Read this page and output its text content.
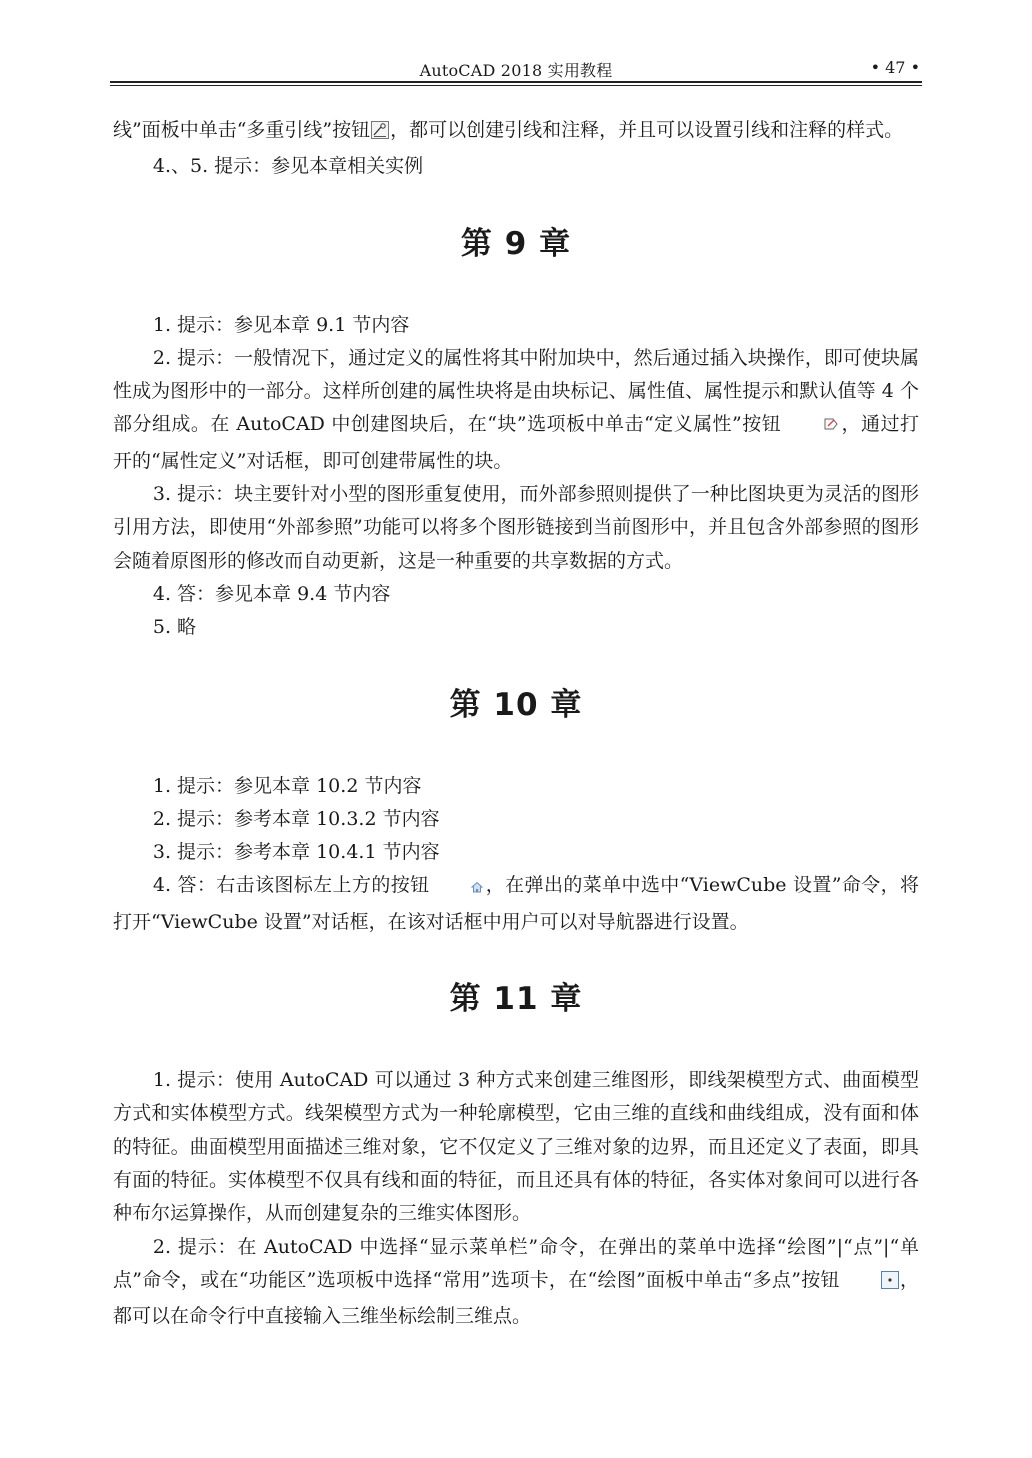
AutoCAD 2018 实用教程	• 47 •

线”面板中单击“多重引线”按钮 ，都可以创建引线和注释，并且可以设置引线和注释的样式。

4.、5. 提示：参见本章相关实例

第 9 章

1. 提示：参见本章 9.1 节内容

2. 提示：一般情况下，通过定义的属性将其中附加块中，然后通过插入块操作，即可使块属性成为图形中的一部分。这样所创建的属性块将是由块标记、属性值、属性提示和默认值等 4 个部分组成。在 AutoCAD 中创建图块后，在“块”选项板中单击“定义属性”按钮	，通过打开的“属性定义”对话框，即可创建带属性的块。

3. 提示：块主要针对小型的图形重复使用，而外部参照则提供了一种比图块更为灵活的图形引用方法，即使用“外部参照”功能可以将多个图形链接到当前图形中，并且包含外部参照的图形会随着原图形的修改而自动更新，这是一种重要的共享数据的方式。

4. 答：参见本章 9.4 节内容

5. 略

第 10 章

1. 提示：参见本章 10.2 节内容

2. 提示：参考本章 10.3.2 节内容

3. 提示：参考本章 10.4.1 节内容

4. 答：右击该图标左上方的按钮	，在弹出的菜单中选中“ViewCube 设置”命令，将打开“ViewCube 设置”对话框，在该对话框中用户可以对导航器进行设置。

第 11 章

1. 提示：使用 AutoCAD 可以通过 3 种方式来创建三维图形，即线架模型方式、曲面模型方式和实体模型方式。线架模型方式为一种轮廓模型，它由三维的直线和曲线组成，没有面和体的特征。曲面模型用面描述三维对象，它不仅定义了三维对象的边界，而且还定义了表面，即具有面的特征。实体模型不仅具有线和面的特征，而且还具有体的特征，各实体对象间可以进行各种布尔运算操作，从而创建复杂的三维实体图形。

2. 提示：在 AutoCAD 中选择“显示菜单栏”命令，在弹出的菜单中选择“绘图”|“点”|“单点”命令，或在“功能区”选项板中选择“常用”选项卡，在“绘图”面板中单击“多点”按钮	，都可以在命令行中直接输入三维坐标绘制三维点。
